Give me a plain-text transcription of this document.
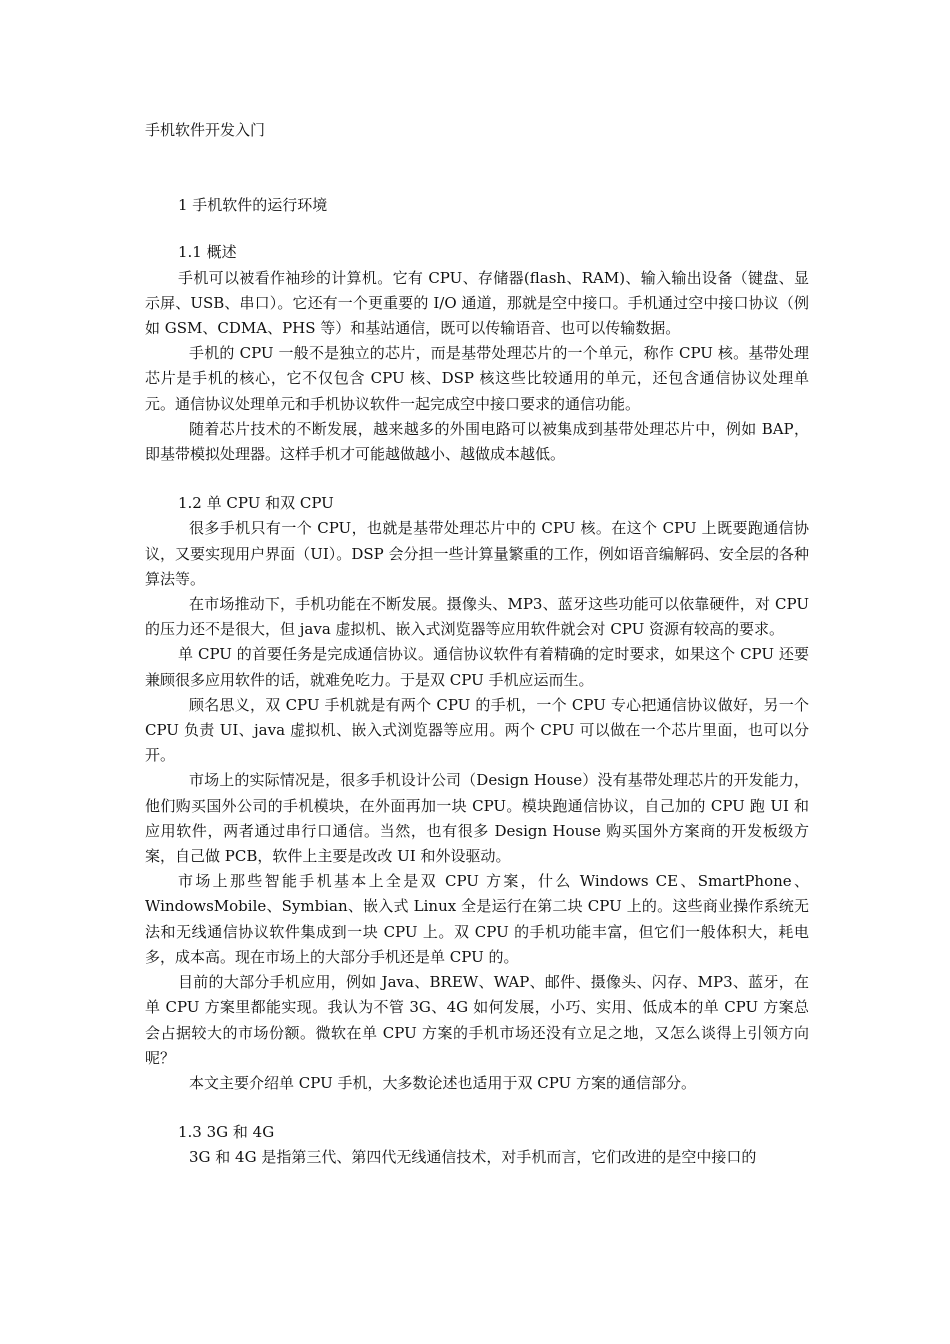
手机软件开发入门
1 手机软件的运行环境
1.1 概述

手机可以被看作袖珍的计算机。它有 CPU、存储器(flash、RAM)、输入输出设备（键盘、显示屏、USB、串口）。它还有一个更重要的 I/O 通道，那就是空中接口。手机通过空中接口协议（例如 GSM、CDMA、PHS 等）和基站通信，既可以传输语音、也可以传输数据。

手机的 CPU 一般不是独立的芯片，而是基带处理芯片的一个单元，称作 CPU 核。基带处理芯片是手机的核心，它不仅包含 CPU 核、DSP 核这些比较通用的单元，还包含通信协议处理单元。通信协议处理单元和手机协议软件一起完成空中接口要求的通信功能。

随着芯片技术的不断发展，越来越多的外围电路可以被集成到基带处理芯片中，例如 BAP，即基带模拟处理器。这样手机才可能越做越小、越做成本越低。

1.2 单 CPU 和双 CPU

很多手机只有一个 CPU，也就是基带处理芯片中的 CPU 核。在这个 CPU 上既要跑通信协议，又要实现用户界面（UI）。DSP 会分担一些计算量繁重的工作，例如语音编解码、安全层的各种算法等。

在市场推动下，手机功能在不断发展。摄像头、MP3、蓝牙这些功能可以依靠硬件，对 CPU 的压力还不是很大，但 java 虚拟机、嵌入式浏览器等应用软件就会对 CPU 资源有较高的要求。

单 CPU 的首要任务是完成通信协议。通信协议软件有着精确的定时要求，如果这个 CPU 还要兼顾很多应用软件的话，就难免吃力。于是双 CPU 手机应运而生。

顾名思义，双 CPU 手机就是有两个 CPU 的手机，一个 CPU 专心把通信协议做好，另一个 CPU 负责 UI、java 虚拟机、嵌入式浏览器等应用。两个 CPU 可以做在一个芯片里面，也可以分开。

市场上的实际情况是，很多手机设计公司（Design House）没有基带处理芯片的开发能力，他们购买国外公司的手机模块，在外面再加一块 CPU。模块跑通信协议，自己加的 CPU 跑 UI 和应用软件，两者通过串行口通信。当然，也有很多 Design House 购买国外方案商的开发板级方案，自己做 PCB，软件上主要是改改 UI 和外设驱动。

市场上那些智能手机基本上全是双 CPU 方案，什么 Windows CE、SmartPhone、WindowsMobile、Symbian、嵌入式 Linux 全是运行在第二块 CPU 上的。这些商业操作系统无法和无线通信协议软件集成到一块 CPU 上。双 CPU 的手机功能丰富，但它们一般体积大，耗电多，成本高。现在市场上的大部分手机还是单 CPU 的。

目前的大部分手机应用，例如 Java、BREW、WAP、邮件、摄像头、闪存、MP3、蓝牙，在单 CPU 方案里都能实现。我认为不管 3G、4G 如何发展，小巧、实用、低成本的单 CPU 方案总会占据较大的市场份额。微软在单 CPU 方案的手机市场还没有立足之地，又怎么谈得上引领方向呢？

本文主要介绍单 CPU 手机，大多数论述也适用于双 CPU 方案的通信部分。

1.3 3G 和 4G

3G 和 4G 是指第三代、第四代无线通信技术，对手机而言，它们改进的是空中接口的
